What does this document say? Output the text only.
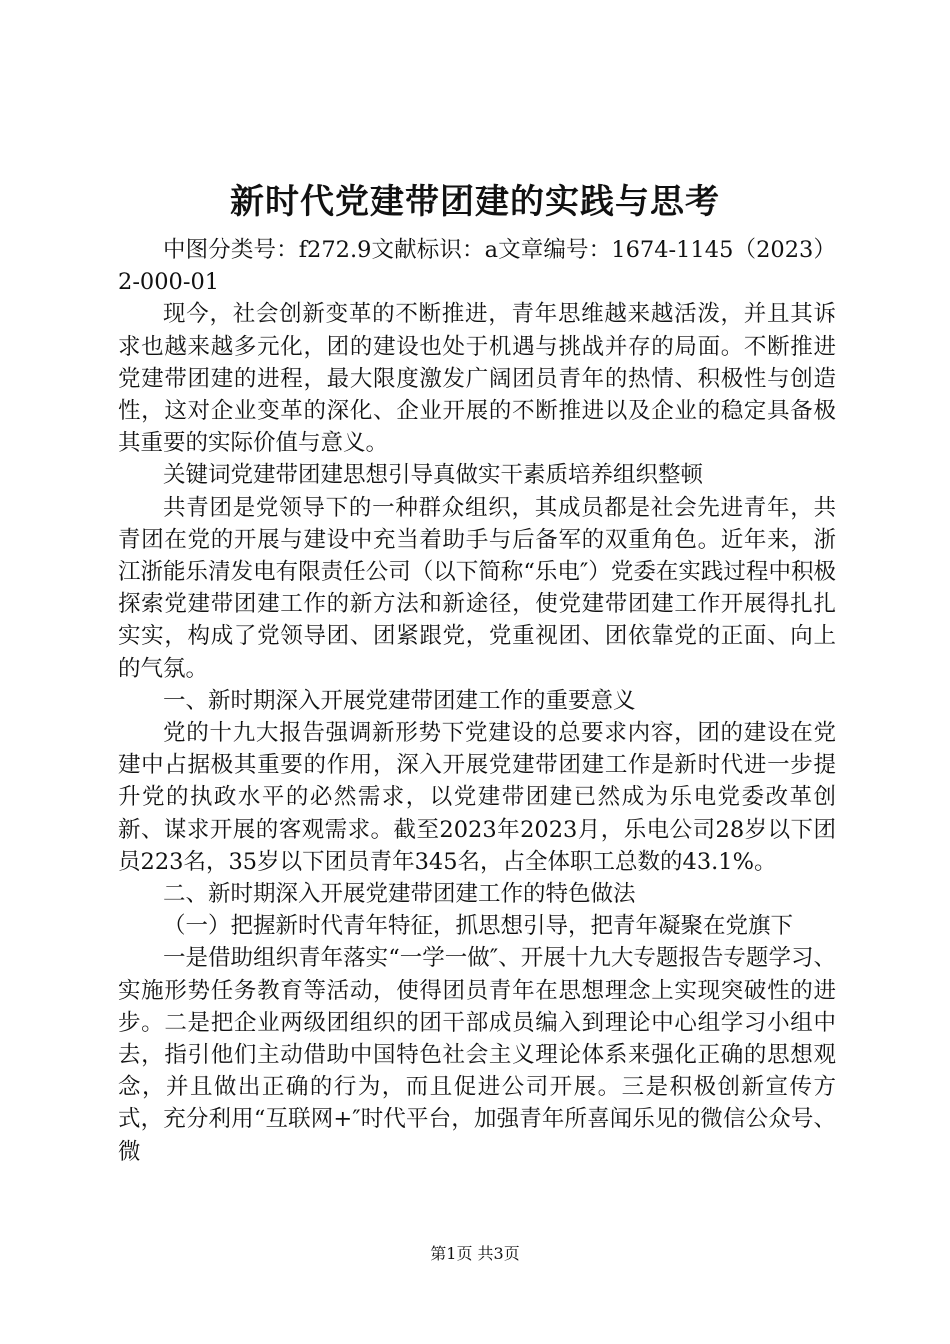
新时代党建带团建的实践与思考

中图分类号：f272.9文献标识：a文章编号：1674-1145（2023）2-000-01

现今，社会创新变革的不断推进，青年思维越来越活泼，并且其诉求也越来越多元化，团的建设也处于机遇与挑战并存的局面。不断推进党建带团建的进程，最大限度激发广阔团员青年的热情、积极性与创造性，这对企业变革的深化、企业开展的不断推进以及企业的稳定具备极其重要的实际价值与意义。

关键词党建带团建思想引导真做实干素质培养组织整顿

共青团是党领导下的一种群众组织，其成员都是社会先进青年，共青团在党的开展与建设中充当着助手与后备军的双重角色。近年来，浙江浙能乐清发电有限责任公司（以下简称“乐电″）党委在实践过程中积极探索党建带团建工作的新方法和新途径，使党建带团建工作开展得扎扎实实，构成了党领导团、团紧跟党，党重视团、团依靠党的正面、向上的气氛。

一、新时期深入开展党建带团建工作的重要意义

党的十九大报告强调新形势下党建设的总要求内容，团的建设在党建中占据极其重要的作用，深入开展党建带团建工作是新时代进一步提升党的执政水平的必然需求，以党建带团建已然成为乐电党委改革创新、谋求开展的客观需求。截至2023年2023月，乐电公司28岁以下团员223名，35岁以下团员青年345名，占全体职工总数的43.1%。

二、新时期深入开展党建带团建工作的特色做法

（一）把握新时代青年特征，抓思想引导，把青年凝聚在党旗下

一是借助组织青年落实“一学一做″、开展十九大专题报告专题学习、实施形势任务教育等活动，使得团员青年在思想理念上实现突破性的进步。二是把企业两级团组织的团干部成员编入到理论中心组学习小组中去，指引他们主动借助中国特色社会主义理论体系来强化正确的思想观念，并且做出正确的行为，而且促进公司开展。三是积极创新宣传方式，充分利用“互联网+″时代平台，加强青年所喜闻乐见的微信公众号、微

第1页 共3页
